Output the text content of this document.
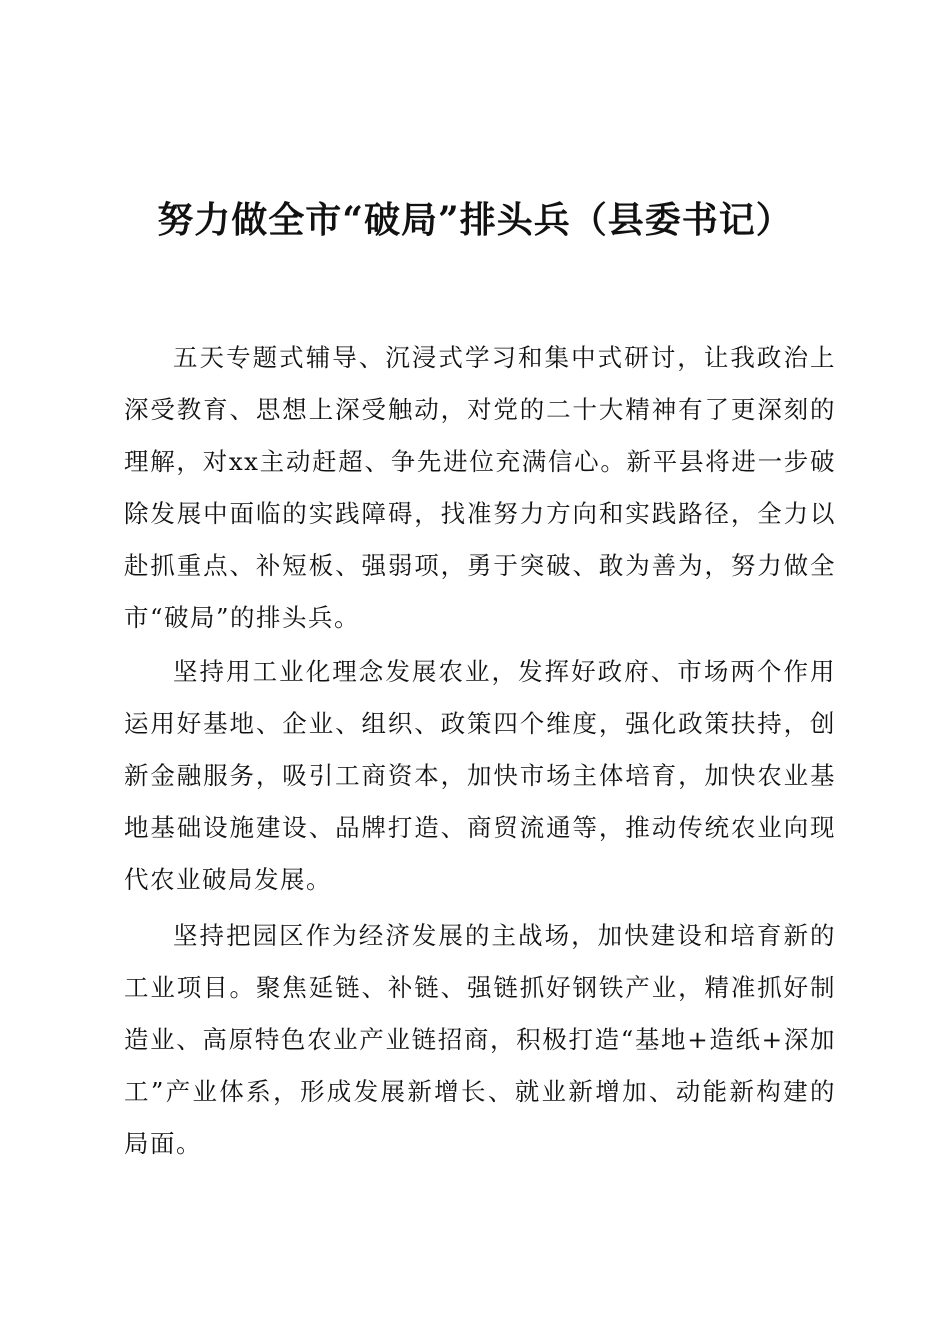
努力做全市“破局”排头兵（县委书记）

五天专题式辅导、沉浸式学习和集中式研讨，让我政治上深受教育、思想上深受触动，对党的二十大精神有了更深刻的理解，对xx主动赶超、争先进位充满信心。新平县将进一步破除发展中面临的实践障碍，找准努力方向和实践路径，全力以赴抓重点、补短板、强弱项，勇于突破、敢为善为，努力做全市“破局”的排头兵。

坚持用工业化理念发展农业，发挥好政府、市场两个作用运用好基地、企业、组织、政策四个维度，强化政策扶持，创新金融服务，吸引工商资本，加快市场主体培育，加快农业基地基础设施建设、品牌打造、商贸流通等，推动传统农业向现代农业破局发展。

坚持把园区作为经济发展的主战场，加快建设和培育新的工业项目。聚焦延链、补链、强链抓好钢铁产业，精准抓好制造业、高原特色农业产业链招商，积极打造“基地+造纸+深加工”产业体系，形成发展新增长、就业新增加、动能新构建的局面。
